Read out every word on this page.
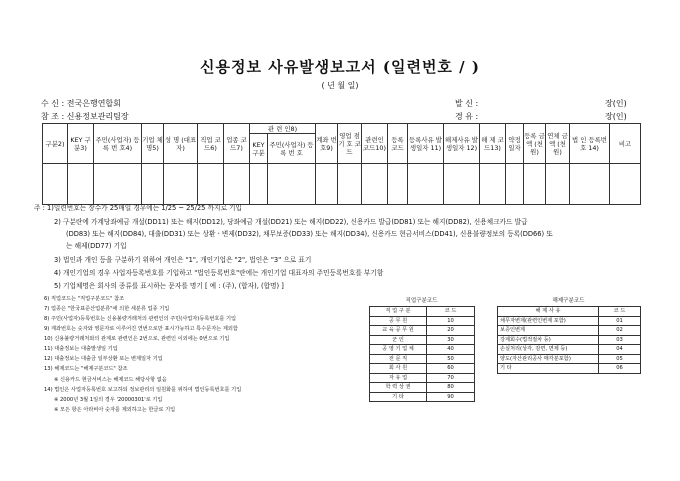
신용정보 사유발생보고서 (일련번호 / )
( 년 월 일)
수 신 : 전국은행연합회
참 조 : 신용정보관리팀장
발 신 :
경 유 :
장(인)
장(인)
구분2)	KEY 구분3)	주민(사업자) 등 록 번 호4)	기업 체명5)	성 명 (대표자)	직업 코드6)	업종 코드7)	관 련 인8)		계좌 번호9)	영업 점 기 호 코 드	관련인 코드10)	등록 코드	등록사유 발생일자 11)	해제사유 발생일자 12)	해 제 코드13)	약정 일자	등록 금액 (천원)	연체 금액 (천원)	법 인 등록번호 14)	비고
							KEY 구분	주민(사업자) 등 록 번 호												

주 : 1)일련번호는 장수가 25매일 경우에는 1/25 ~ 25/25 까지로 기입
2) 구분란에 가계당좌예금 개설(DD11) 또는 해지(DD12), 당좌예금 개설(DD21) 또는 해지(DD22), 신용카드 발급(DD81) 또는 해지(DD82), 신용체크카드 발급
(DD83) 또는 해지(DD84), 대출(DD31) 또는 상환ㆍ변제(DD32), 채무보증(DD33) 또는 해지(DD34), 신용카드 현금서비스(DD41), 신용불량정보의 등록(DD66) 또
는 해제(DD77) 기입
3) 법인과 개인 등을 구분하기 위하여 개인은 "1", 개인기업은 "2", 법인은 "3" 으로 표기
4) 개인기업의 경우 사업자등록번호를 기입하고 "법인등록번호"란에는 개인기업 대표자의 주민등록번호를 부기함
5) 기업체명은 회사의 종류를 표시하는 문자를 명기 [ 예 : (주), (합자), (합명) ]
6) 직업코드는 "직업구분코드" 참조
7) 업종은 "한국표준산업분류"에 의한 세분류 업종 기입
8) 주민(사업자)등록번호는 신용불량거래처의 관련인의 주민(사업자)등록번호를 기입
9) 계좌번호는 숫자와 영문자로 이루어진 연번으로만 표시가능하고 특수문자는 제외함
10) 신용불량거래처와의 관계로 관련인은 2번으로, 관련인 이외에는 0번으로 기입
11) 대출정보는 대출발생일 기입
12) 대출정보는 대출금 일부상환 또는 변제일자 기입
13) 해제코드는 "해제구분코드" 참조
※ 신용카드 현금서비스는 해제코드 해당사항 없음
14) 법인은 사업자등록번호 보고하되 정보관리의 일원화를 위하여 법인등록번호를 기입
※ 2000년 3월 1일의 경우 '20000301'로 기입
※ 모든 항은 아라비아 숫자를 제외하고는 한글로 기입
직업구분코드
직 업 구 분	코 드
공 무 원	10
교 육 공 무 원	20
군 인	30
공 영 기 업 체	40
전 문 직	50
회 사 원	60
자 유 업	70
학 력 상 권	80
기 타	90
해제구분코드
해 제 사 유	코 드
채무자변제(관련인변제 포함)	01
보증인변제	02
강제회수(법적절차 등)	03
손실처리(상각, 감면, 면제 등)	04
양도(자산관리공사 매각분포함)	05
기 타	06
